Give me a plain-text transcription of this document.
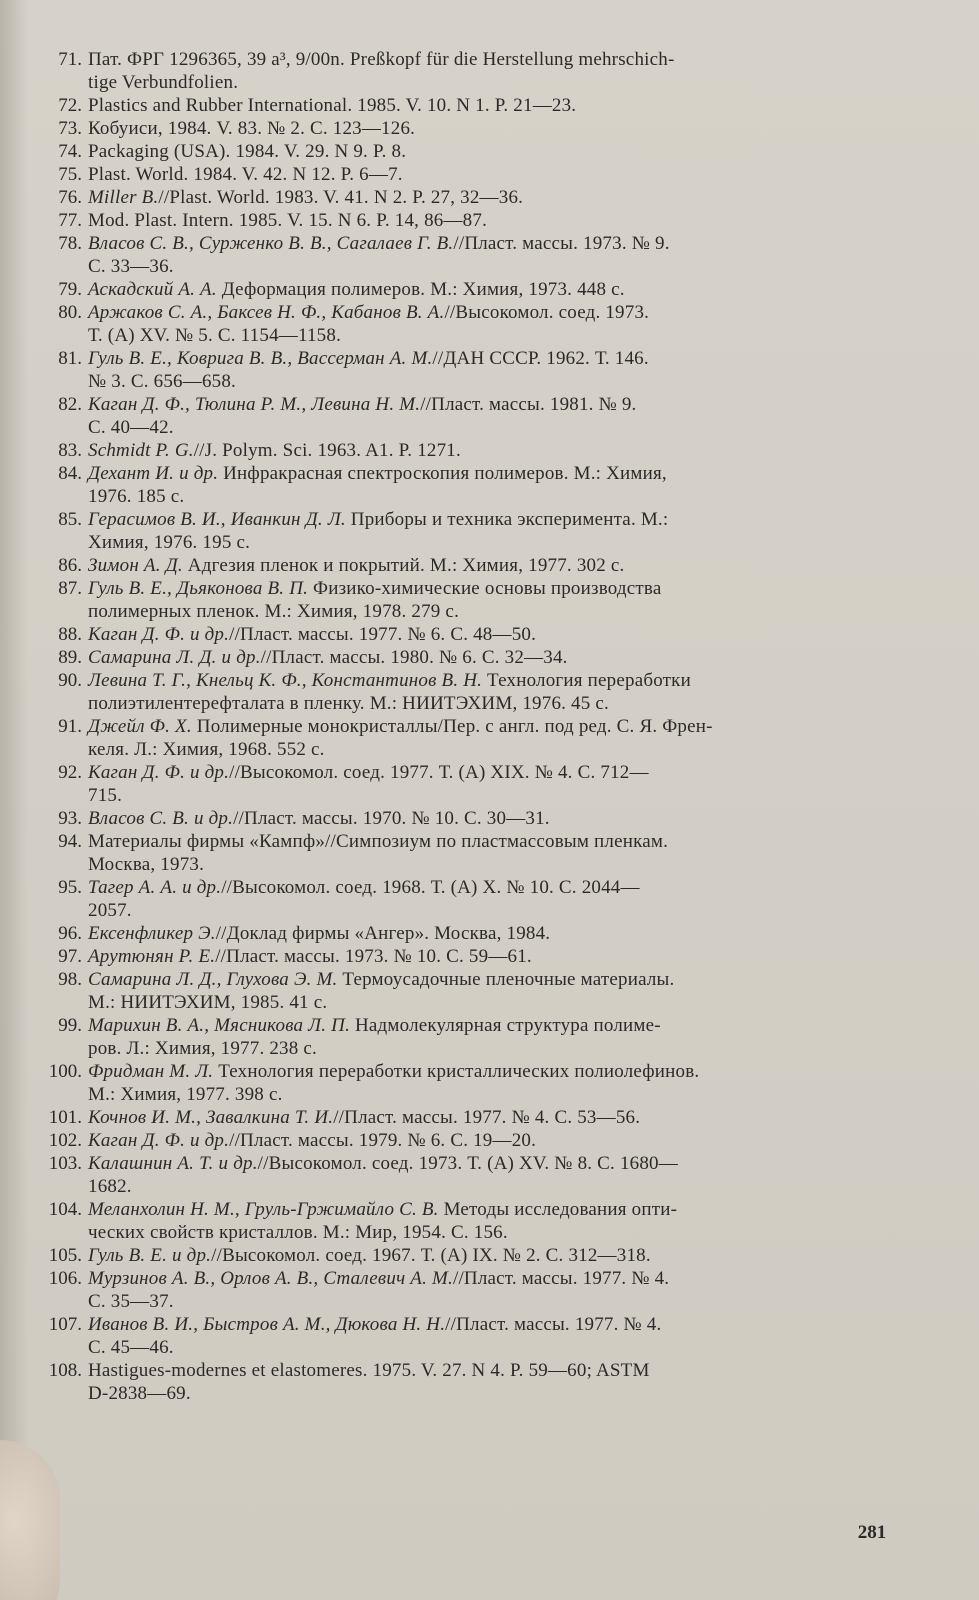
71. Пат. ФРГ 1296365, 39 a³, 9/00n. Preßkopf für die Herstellung mehrschich-
tige Verbundfolien.
72. Plastics and Rubber International. 1985. V. 10. N 1. P. 21—23.
73. Кобуиси, 1984. V. 83. № 2. С. 123—126.
74. Packaging (USA). 1984. V. 29. N 9. P. 8.
75. Plast. World. 1984. V. 42. N 12. P. 6—7.
76. Miller B.//Plast. World. 1983. V. 41. N 2. P. 27, 32—36.
77. Mod. Plast. Intern. 1985. V. 15. N 6. P. 14, 86—87.
78. Власов С. В., Сурженко В. В., Сагалаев Г. В.//Пласт. массы. 1973. № 9.
С. 33—36.
79. Аскадский А. А. Деформация полимеров. М.: Химия, 1973. 448 с.
80. Аржаков С. А., Баксев Н. Ф., Кабанов В. А.//Высокомол. соед. 1973.
Т. (А) XV. № 5. С. 1154—1158.
81. Гуль В. Е., Коврига В. В., Вассерман А. М.//ДАН СССР. 1962. Т. 146.
№ 3. С. 656—658.
82. Каган Д. Ф., Тюлина Р. М., Левина Н. М.//Пласт. массы. 1981. № 9.
С. 40—42.
83. Schmidt P. G.//J. Polym. Sci. 1963. A1. P. 1271.
84. Дехант И. и др. Инфракрасная спектроскопия полимеров. М.: Химия,
1976. 185 с.
85. Герасимов В. И., Иванкин Д. Л. Приборы и техника эксперимента. М.:
Химия, 1976. 195 с.
86. Зимон А. Д. Адгезия пленок и покрытий. М.: Химия, 1977. 302 с.
87. Гуль В. Е., Дьяконова В. П. Физико-химические основы производства
полимерных пленок. М.: Химия, 1978. 279 с.
88. Каган Д. Ф. и др.//Пласт. массы. 1977. № 6. С. 48—50.
89. Самарина Л. Д. и др.//Пласт. массы. 1980. № 6. С. 32—34.
90. Левина Т. Г., Кнельц К. Ф., Константинов В. Н. Технология переработки
полиэтилентерефталата в пленку. М.: НИИТЭХИМ, 1976. 45 с.
91. Джейл Ф. Х. Полимерные монокристаллы/Пер. с англ. под ред. С. Я. Френ-
келя. Л.: Химия, 1968. 552 с.
92. Каган Д. Ф. и др.//Высокомол. соед. 1977. Т. (А) XIX. № 4. С. 712—
715.
93. Власов С. В. и др.//Пласт. массы. 1970. № 10. С. 30—31.
94. Материалы фирмы «Кампф»//Симпозиум по пластмассовым пленкам.
Москва, 1973.
95. Тагер А. А. и др.//Высокомол. соед. 1968. Т. (А) X. № 10. С. 2044—
2057.
96. Ексенфликер Э.//Доклад фирмы «Ангер». Москва, 1984.
97. Арутюнян Р. Е.//Пласт. массы. 1973. № 10. С. 59—61.
98. Самарина Л. Д., Глухова Э. М. Термоусадочные пленочные материалы.
М.: НИИТЭХИМ, 1985. 41 с.
99. Марихин В. А., Мясникова Л. П. Надмолекулярная структура полиме-
ров. Л.: Химия, 1977. 238 с.
100. Фридман М. Л. Технология переработки кристаллических полиолефинов.
М.: Химия, 1977. 398 с.
101. Кочнов И. М., Завалкина Т. И.//Пласт. массы. 1977. № 4. С. 53—56.
102. Каган Д. Ф. и др.//Пласт. массы. 1979. № 6. С. 19—20.
103. Калашнин А. Т. и др.//Высокомол. соед. 1973. Т. (А) XV. № 8. С. 1680—
1682.
104. Меланхолин Н. М., Груль-Гржимайло С. В. Методы исследования опти-
ческих свойств кристаллов. М.: Мир, 1954. С. 156.
105. Гуль В. Е. и др.//Высокомол. соед. 1967. Т. (А) IX. № 2. С. 312—318.
106. Мурзинов А. В., Орлов А. В., Сталевич А. М.//Пласт. массы. 1977. № 4.
С. 35—37.
107. Иванов В. И., Быстров А. М., Дюкова Н. Н.//Пласт. массы. 1977. № 4.
С. 45—46.
108. Hastigues-modernes et elastomeres. 1975. V. 27. N 4. P. 59—60; ASTM
D-2838—69.
281
